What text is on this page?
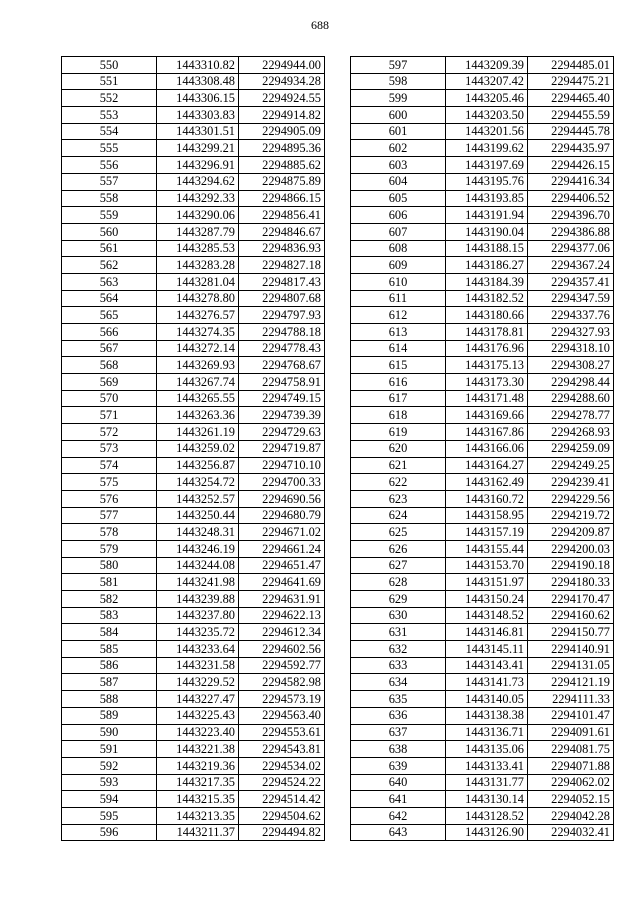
688
550	1443310.82	2294944.00
551	1443308.48	2294934.28
552	1443306.15	2294924.55
553	1443303.83	2294914.82
554	1443301.51	2294905.09
555	1443299.21	2294895.36
556	1443296.91	2294885.62
557	1443294.62	2294875.89
558	1443292.33	2294866.15
559	1443290.06	2294856.41
560	1443287.79	2294846.67
561	1443285.53	2294836.93
562	1443283.28	2294827.18
563	1443281.04	2294817.43
564	1443278.80	2294807.68
565	1443276.57	2294797.93
566	1443274.35	2294788.18
567	1443272.14	2294778.43
568	1443269.93	2294768.67
569	1443267.74	2294758.91
570	1443265.55	2294749.15
571	1443263.36	2294739.39
572	1443261.19	2294729.63
573	1443259.02	2294719.87
574	1443256.87	2294710.10
575	1443254.72	2294700.33
576	1443252.57	2294690.56
577	1443250.44	2294680.79
578	1443248.31	2294671.02
579	1443246.19	2294661.24
580	1443244.08	2294651.47
581	1443241.98	2294641.69
582	1443239.88	2294631.91
583	1443237.80	2294622.13
584	1443235.72	2294612.34
585	1443233.64	2294602.56
586	1443231.58	2294592.77
587	1443229.52	2294582.98
588	1443227.47	2294573.19
589	1443225.43	2294563.40
590	1443223.40	2294553.61
591	1443221.38	2294543.81
592	1443219.36	2294534.02
593	1443217.35	2294524.22
594	1443215.35	2294514.42
595	1443213.35	2294504.62
596	1443211.37	2294494.82
597	1443209.39	2294485.01
598	1443207.42	2294475.21
599	1443205.46	2294465.40
600	1443203.50	2294455.59
601	1443201.56	2294445.78
602	1443199.62	2294435.97
603	1443197.69	2294426.15
604	1443195.76	2294416.34
605	1443193.85	2294406.52
606	1443191.94	2294396.70
607	1443190.04	2294386.88
608	1443188.15	2294377.06
609	1443186.27	2294367.24
610	1443184.39	2294357.41
611	1443182.52	2294347.59
612	1443180.66	2294337.76
613	1443178.81	2294327.93
614	1443176.96	2294318.10
615	1443175.13	2294308.27
616	1443173.30	2294298.44
617	1443171.48	2294288.60
618	1443169.66	2294278.77
619	1443167.86	2294268.93
620	1443166.06	2294259.09
621	1443164.27	2294249.25
622	1443162.49	2294239.41
623	1443160.72	2294229.56
624	1443158.95	2294219.72
625	1443157.19	2294209.87
626	1443155.44	2294200.03
627	1443153.70	2294190.18
628	1443151.97	2294180.33
629	1443150.24	2294170.47
630	1443148.52	2294160.62
631	1443146.81	2294150.77
632	1443145.11	2294140.91
633	1443143.41	2294131.05
634	1443141.73	2294121.19
635	1443140.05	2294111.33
636	1443138.38	2294101.47
637	1443136.71	2294091.61
638	1443135.06	2294081.75
639	1443133.41	2294071.88
640	1443131.77	2294062.02
641	1443130.14	2294052.15
642	1443128.52	2294042.28
643	1443126.90	2294032.41
